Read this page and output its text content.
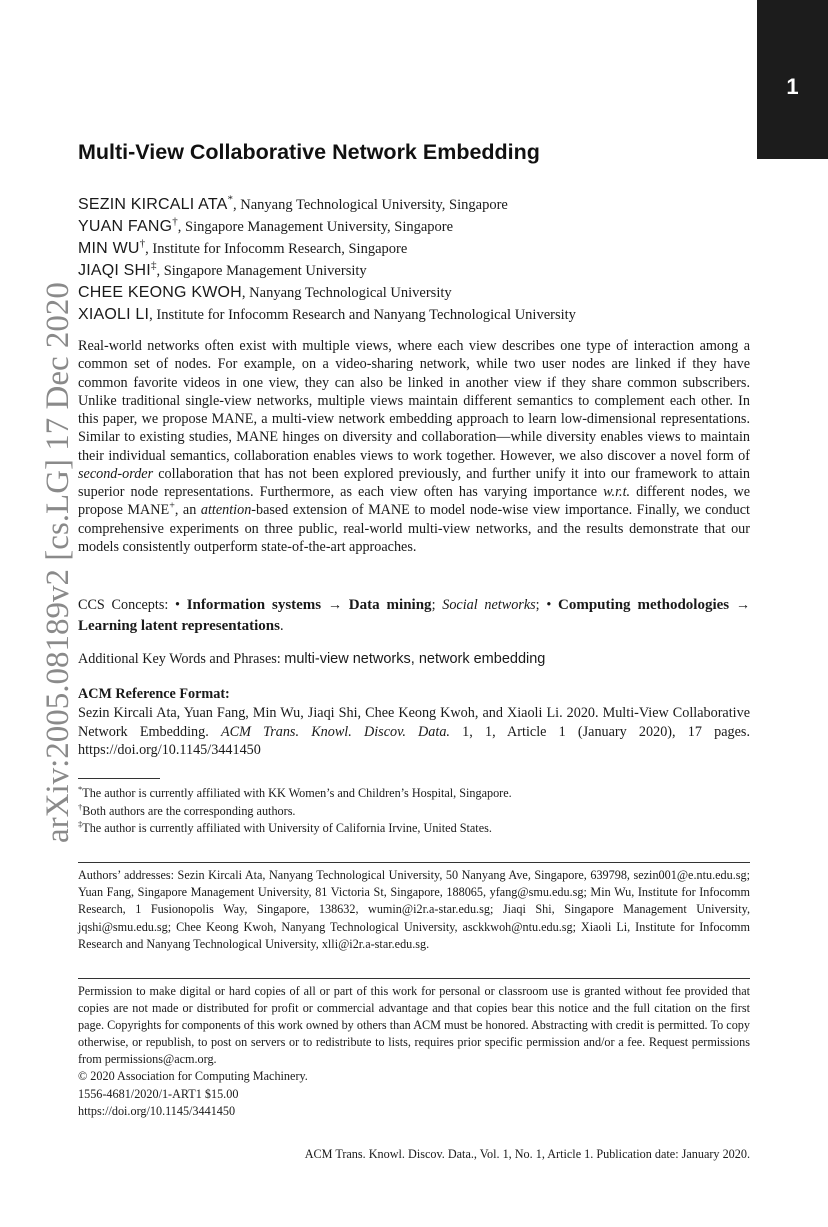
1
arXiv:2005.08189v2 [cs.LG] 17 Dec 2020
Multi-View Collaborative Network Embedding
SEZIN KIRCALI ATA*, Nanyang Technological University, Singapore
YUAN FANG†, Singapore Management University, Singapore
MIN WU†, Institute for Infocomm Research, Singapore
JIAQI SHI‡, Singapore Management University
CHEE KEONG KWOH, Nanyang Technological University
XIAOLI LI, Institute for Infocomm Research and Nanyang Technological University

Real-world networks often exist with multiple views, where each view describes one type of interaction among a common set of nodes. For example, on a video-sharing network, while two user nodes are linked if they have common favorite videos in one view, they can also be linked in another view if they share common subscribers. Unlike traditional single-view networks, multiple views maintain different semantics to complement each other. In this paper, we propose MANE, a multi-view network embedding approach to learn low-dimensional representations. Similar to existing studies, MANE hinges on diversity and collaboration—while diversity enables views to maintain their individual semantics, collaboration enables views to work together. However, we also discover a novel form of second-order collaboration that has not been explored previously, and further unify it into our framework to attain superior node representations. Furthermore, as each view often has varying importance w.r.t. different nodes, we propose MANE+, an attention-based extension of MANE to model node-wise view importance. Finally, we conduct comprehensive experiments on three public, real-world multi-view networks, and the results demonstrate that our models consistently outperform state-of-the-art approaches.

CCS Concepts: • Information systems → Data mining; Social networks; • Computing methodologies → Learning latent representations.
Additional Key Words and Phrases: multi-view networks, network embedding
ACM Reference Format:
Sezin Kircali Ata, Yuan Fang, Min Wu, Jiaqi Shi, Chee Keong Kwoh, and Xiaoli Li. 2020. Multi-View Collaborative Network Embedding. ACM Trans. Knowl. Discov. Data. 1, 1, Article 1 (January 2020), 17 pages. https://doi.org/10.1145/3441450
*The author is currently affiliated with KK Women’s and Children’s Hospital, Singapore.
†Both authors are the corresponding authors.
‡The author is currently affiliated with University of California Irvine, United States.
Authors’ addresses: Sezin Kircali Ata, Nanyang Technological University, 50 Nanyang Ave, Singapore, 639798, sezin001@e.ntu.edu.sg; Yuan Fang, Singapore Management University, 81 Victoria St, Singapore, 188065, yfang@smu.edu.sg; Min Wu, Institute for Infocomm Research, 1 Fusionopolis Way, Singapore, 138632, wumin@i2r.a-star.edu.sg; Jiaqi Shi, Singapore Management University, jqshi@smu.edu.sg; Chee Keong Kwoh, Nanyang Technological University, asckkwoh@ntu.edu.sg; Xiaoli Li, Institute for Infocomm Research and Nanyang Technological University, xlli@i2r.a-star.edu.sg.
Permission to make digital or hard copies of all or part of this work for personal or classroom use is granted without fee provided that copies are not made or distributed for profit or commercial advantage and that copies bear this notice and the full citation on the first page. Copyrights for components of this work owned by others than ACM must be honored. Abstracting with credit is permitted. To copy otherwise, or republish, to post on servers or to redistribute to lists, requires prior specific permission and/or a fee. Request permissions from permissions@acm.org.
© 2020 Association for Computing Machinery.
1556-4681/2020/1-ART1 $15.00
https://doi.org/10.1145/3441450
ACM Trans. Knowl. Discov. Data., Vol. 1, No. 1, Article 1. Publication date: January 2020.
